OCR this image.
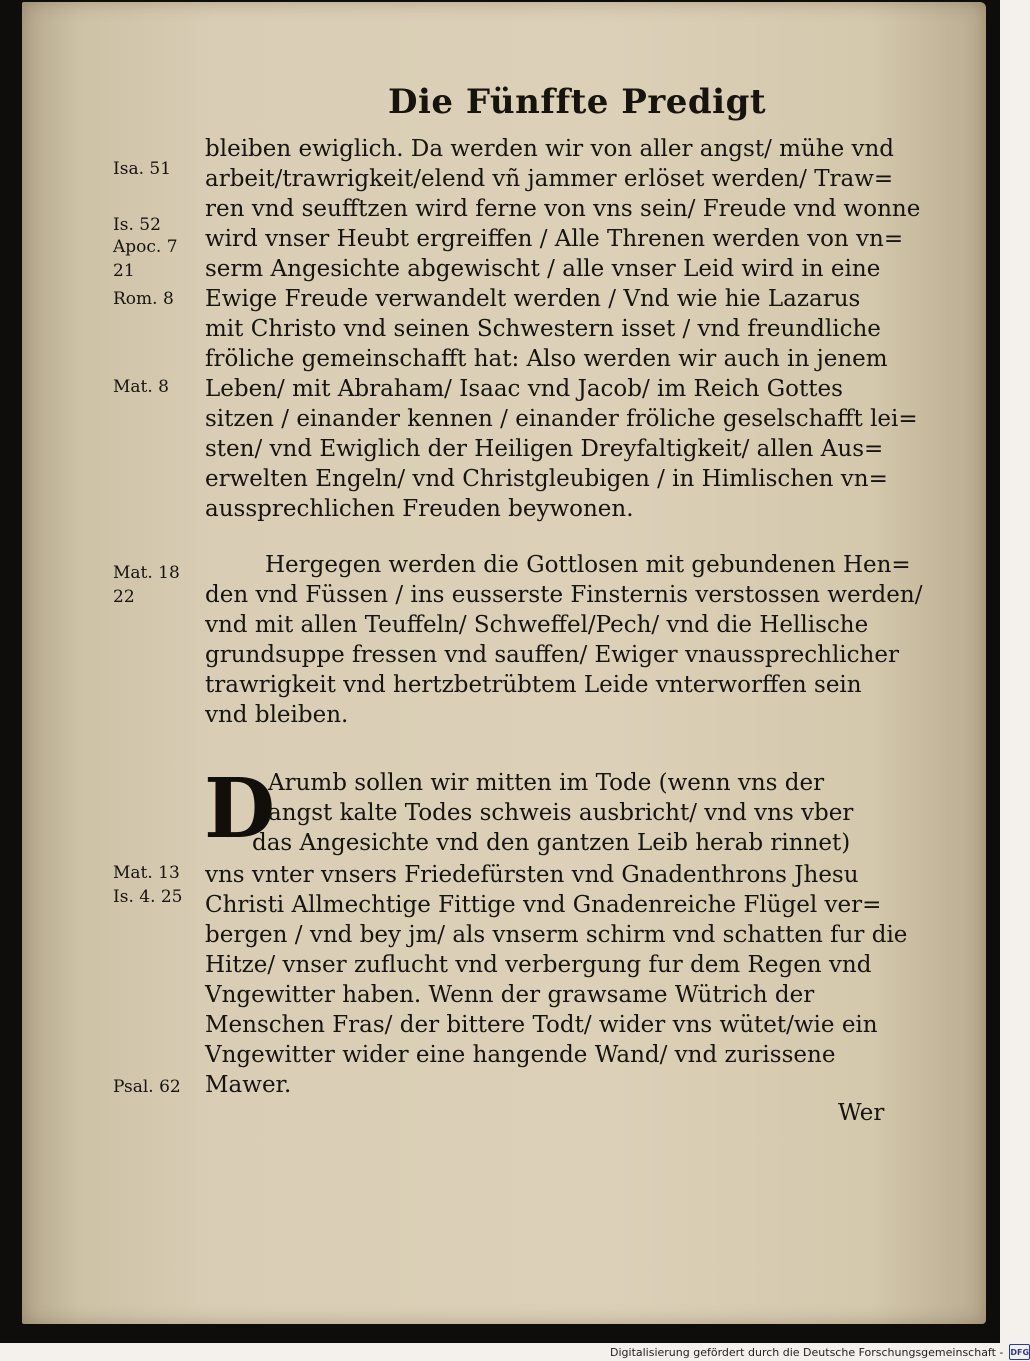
Die Fünffte Predigt
bleiben ewiglich. Da werden wir von aller angst/ mühe vnd
arbeit/trawrigkeit/elend vñ jammer erlöset werden/ Traw=
ren vnd seufftzen wird ferne von vns sein/ Freude vnd wonne
wird vnser Heubt ergreiffen / Alle Threnen werden von vn=
serm Angesichte abgewischt / alle vnser Leid wird in eine
Ewige Freude verwandelt werden / Vnd wie hie Lazarus
mit Christo vnd seinen Schwestern isset / vnd freundliche
fröliche gemeinschafft hat: Also werden wir auch in jenem
Leben/ mit Abraham/ Isaac vnd Jacob/ im Reich Gottes
sitzen / einander kennen / einander fröliche geselschafft lei=
sten/ vnd Ewiglich der Heiligen Dreyfaltigkeit/ allen Aus=
erwelten Engeln/ vnd Christgleubigen / in Himlischen vn=
aussprechlichen Freuden beywonen.
Hergegen werden die Gottlosen mit gebundenen Hen=
den vnd Füssen / ins eusserste Finsternis verstossen werden/
vnd mit allen Teuffeln/ Schweffel/Pech/ vnd die Hellische
grundsuppe fressen vnd sauffen/ Ewiger vnaussprechlicher
trawrigkeit vnd hertzbetrübtem Leide vnterworffen sein
vnd bleiben.
D
Arumb sollen wir mitten im Tode (wenn vns der
angst kalte Todes schweis ausbricht/ vnd vns vber
das Angesichte vnd den gantzen Leib herab rinnet)
vns vnter vnsers Friedefürsten vnd Gnadenthrons Jhesu
Christi Allmechtige Fittige vnd Gnadenreiche Flügel ver=
bergen / vnd bey jm/ als vnserm schirm vnd schatten fur die
Hitze/ vnser zuflucht vnd verbergung fur dem Regen vnd
Vngewitter haben. Wenn der grawsame Wütrich der
Menschen Fras/ der bittere Todt/ wider vns wütet/wie ein
Vngewitter wider eine hangende Wand/ vnd zurissene
Mawer.
Wer
Isa. 51
Is. 52
Apoc. 7
21
Rom. 8
Mat. 8
Mat. 18
22
Mat. 13
Is. 4. 25
Psal. 62
Digitalisierung gefördert durch die Deutsche Forschungsgemeinschaft - DFG
